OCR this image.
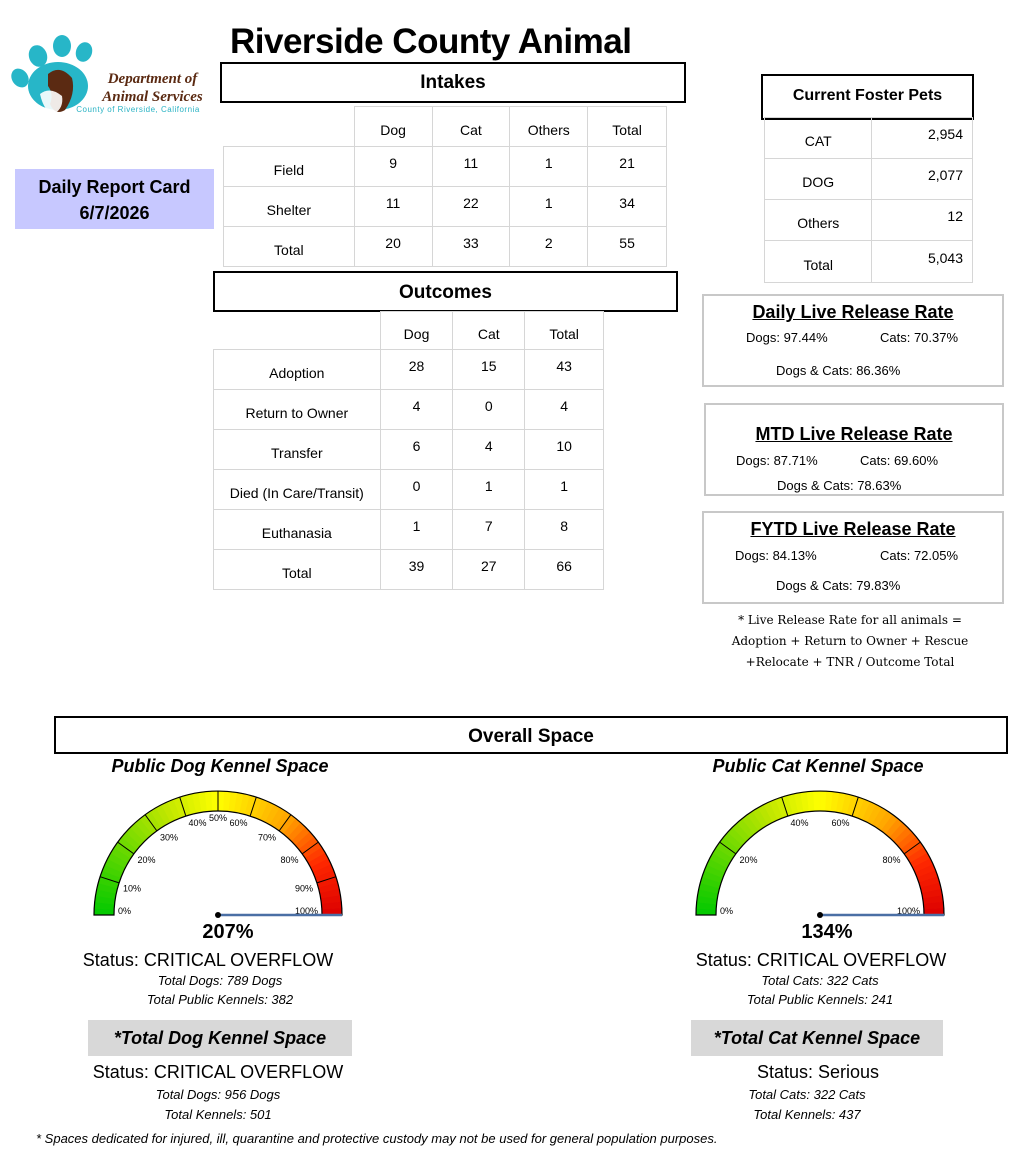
Department of
Animal Services
County of Riverside, California
Riverside County Animal
Daily Report Card
6/7/2026
Intakes
	Dog	Cat	Others	Total
Field	9	11	1	21
Shelter	11	22	1	34
Total	20	33	2	55
Outcomes
	Dog	Cat	Total
Adoption	28	15	43
Return to Owner	4	0	4
Transfer	6	4	10
Died (In Care/Transit)	0	1	1
Euthanasia	1	7	8
Total	39	27	66
Current Foster Pets
CAT	2,954
DOG	2,077
Others	12
Total	5,043
Daily Live Release Rate
Dogs: 97.44%	Cats: 70.37%
Dogs & Cats: 86.36%
MTD Live Release Rate
Dogs: 87.71%	Cats: 69.60%
Dogs & Cats: 78.63%
FYTD Live Release Rate
Dogs: 84.13%	Cats: 72.05%
Dogs & Cats: 79.83%
* Live Release Rate for all animals =
Adoption + Return to Owner + Rescue
+Relocate + TNR / Outcome Total
Overall Space
Public Dog Kennel Space
0%
10%
20%
30%
40% 50% 60%
70%
80%
90%
100%
207%
Status: CRITICAL OVERFLOW
Total Dogs: 789 Dogs
Total Public Kennels: 382
*Total Dog Kennel Space
Status: CRITICAL OVERFLOW
Total Dogs: 956 Dogs
Total Kennels: 501
Public Cat Kennel Space
0%
20%
40%	60%
80%
100%
134%
Status: CRITICAL OVERFLOW
Total Cats: 322 Cats
Total Public Kennels: 241
*Total Cat Kennel Space
Status: Serious
Total Cats: 322 Cats
Total Kennels: 437
* Spaces dedicated for injured, ill, quarantine and protective custody may not be used for general population purposes.
